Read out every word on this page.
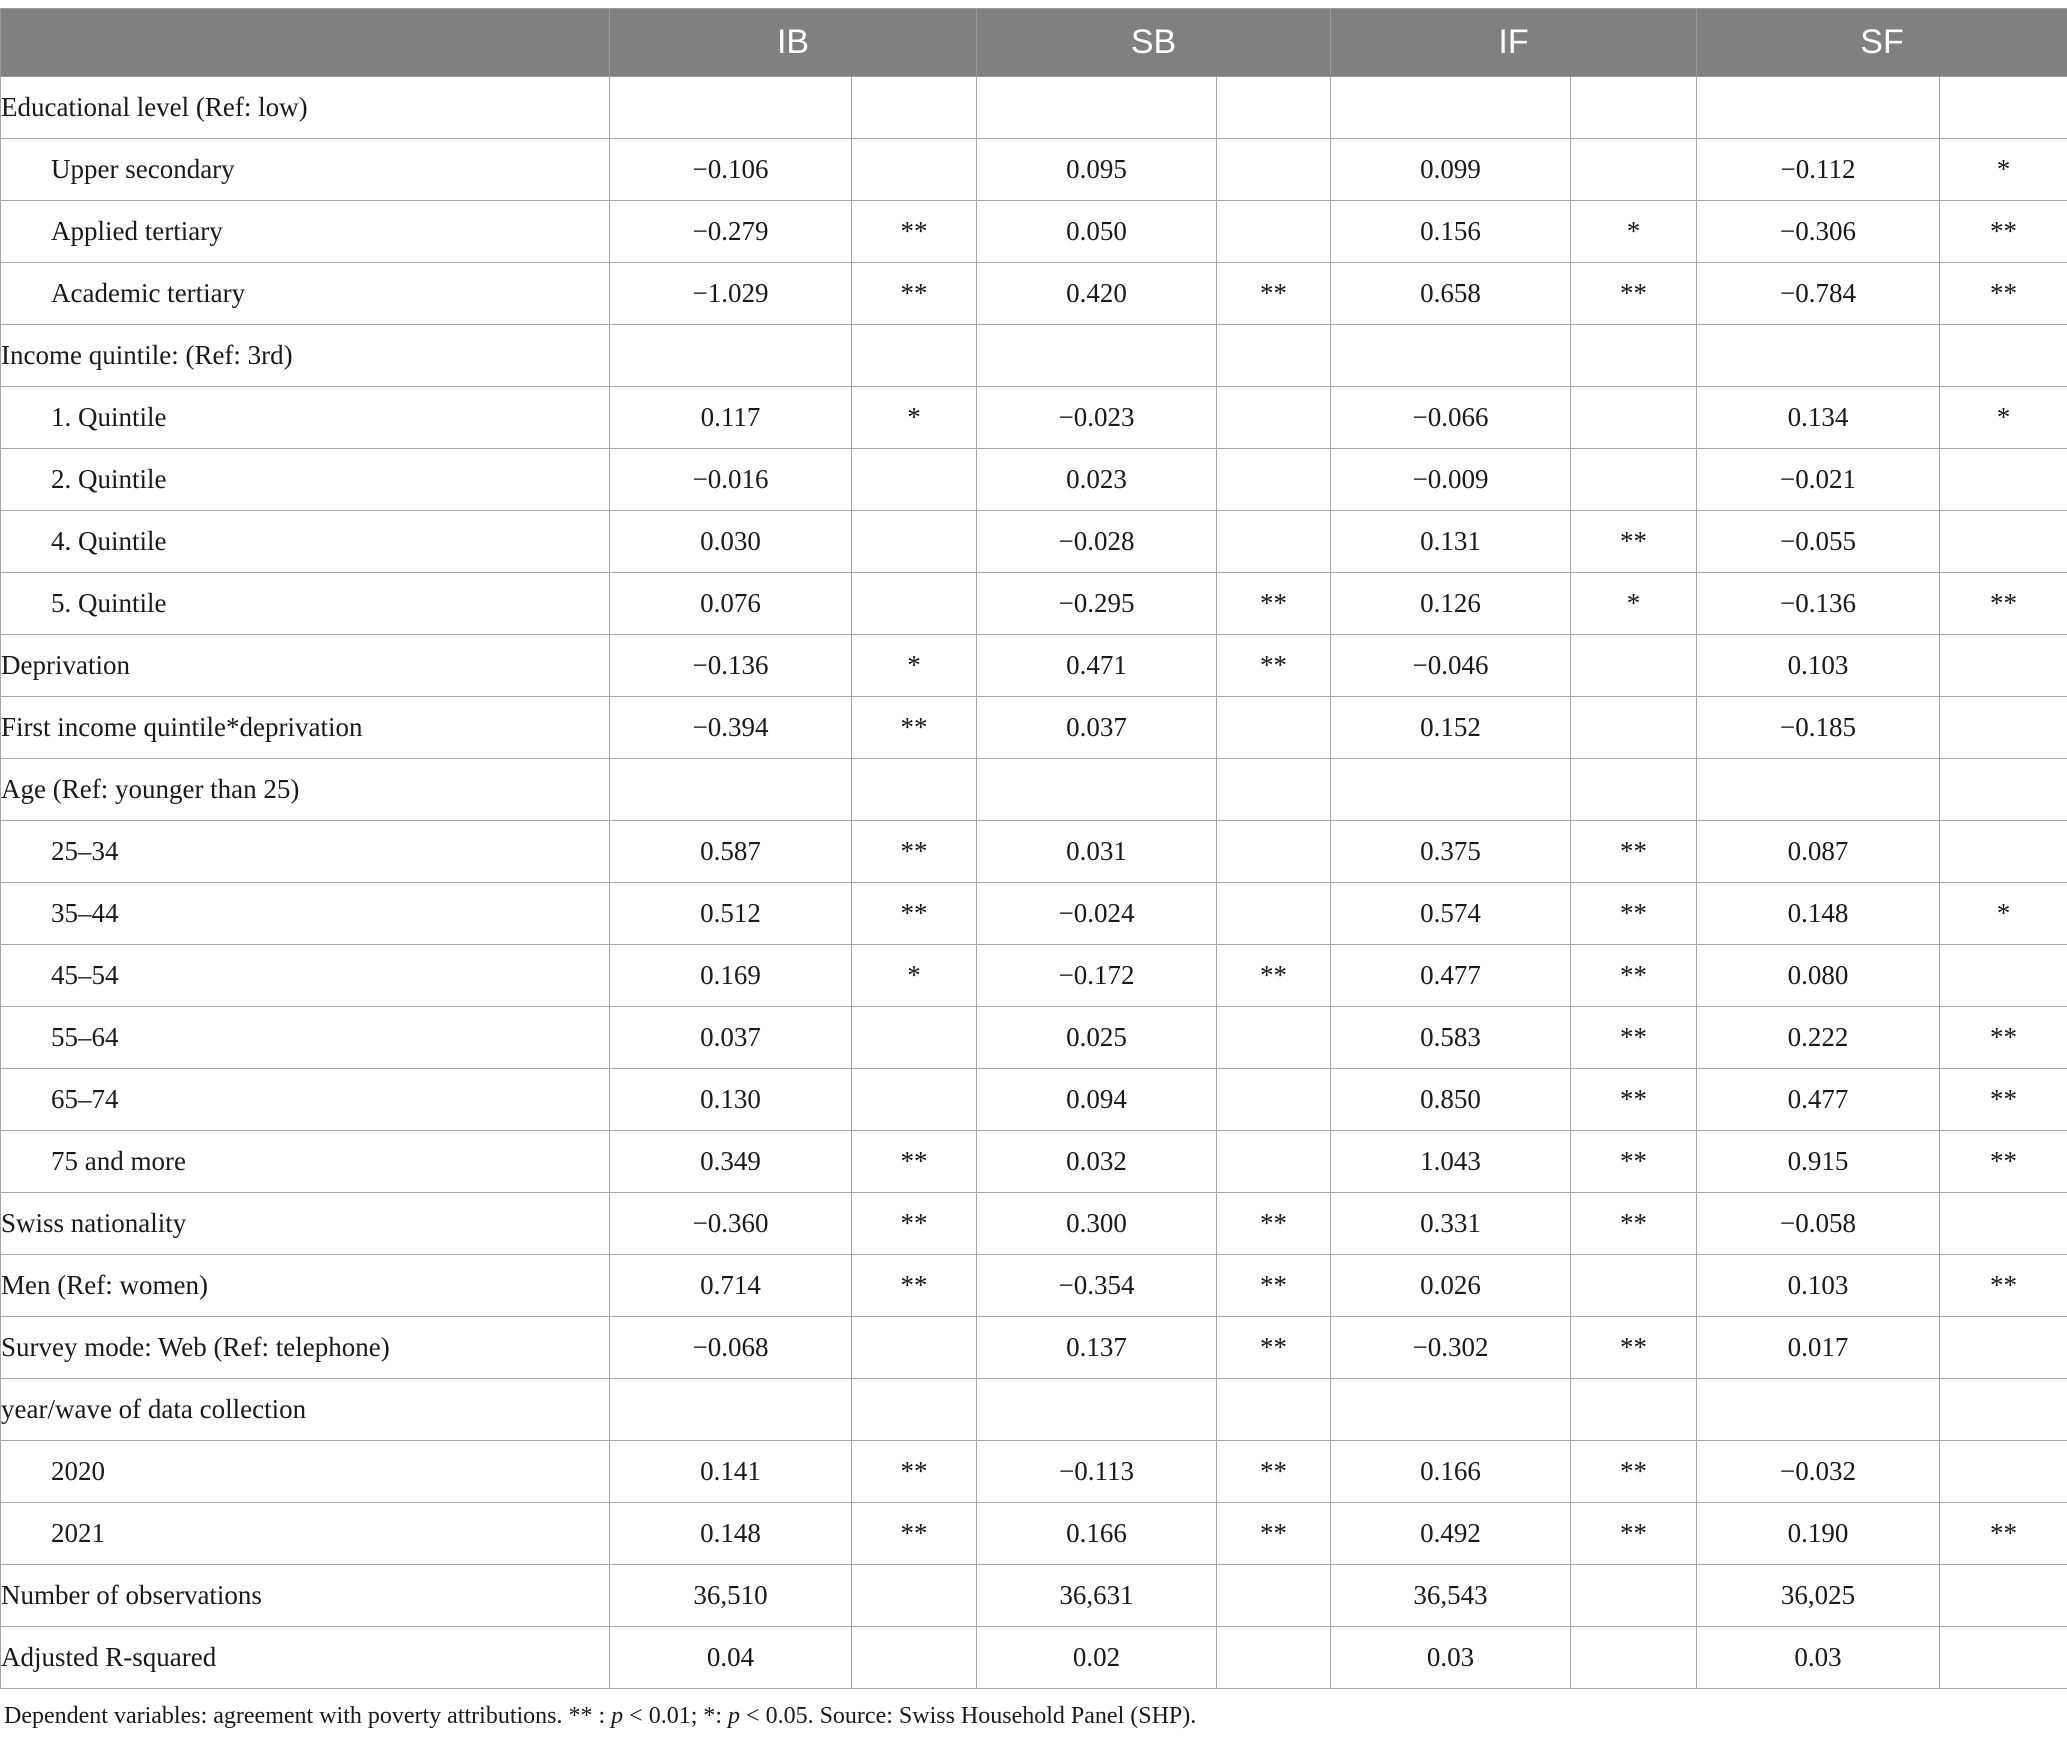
	IB		SB		IF		SF	
Educational level (Ref: low)								
Upper secondary	−0.106		0.095		0.099		−0.112	*
Applied tertiary	−0.279	**	0.050		0.156	*	−0.306	**
Academic tertiary	−1.029	**	0.420	**	0.658	**	−0.784	**
Income quintile: (Ref: 3rd)								
1. Quintile	0.117	*	−0.023		−0.066		0.134	*
2. Quintile	−0.016		0.023		−0.009		−0.021	
4. Quintile	0.030		−0.028		0.131	**	−0.055	
5. Quintile	0.076		−0.295	**	0.126	*	−0.136	**
Deprivation	−0.136	*	0.471	**	−0.046		0.103	
First income quintile*deprivation	−0.394	**	0.037		0.152		−0.185	
Age (Ref: younger than 25)								
25–34	0.587	**	0.031		0.375	**	0.087	
35–44	0.512	**	−0.024		0.574	**	0.148	*
45–54	0.169	*	−0.172	**	0.477	**	0.080	
55–64	0.037		0.025		0.583	**	0.222	**
65–74	0.130		0.094		0.850	**	0.477	**
75 and more	0.349	**	0.032		1.043	**	0.915	**
Swiss nationality	−0.360	**	0.300	**	0.331	**	−0.058	
Men (Ref: women)	0.714	**	−0.354	**	0.026		0.103	**
Survey mode: Web (Ref: telephone)	−0.068		0.137	**	−0.302	**	0.017	
year/wave of data collection								
2020	0.141	**	−0.113	**	0.166	**	−0.032	
2021	0.148	**	0.166	**	0.492	**	0.190	**
Number of observations	36,510		36,631		36,543		36,025	
Adjusted R-squared	0.04		0.02		0.03		0.03	
Dependent variables: agreement with poverty attributions. ** : p < 0.01; *: p < 0.05. Source: Swiss Household Panel (SHP).
